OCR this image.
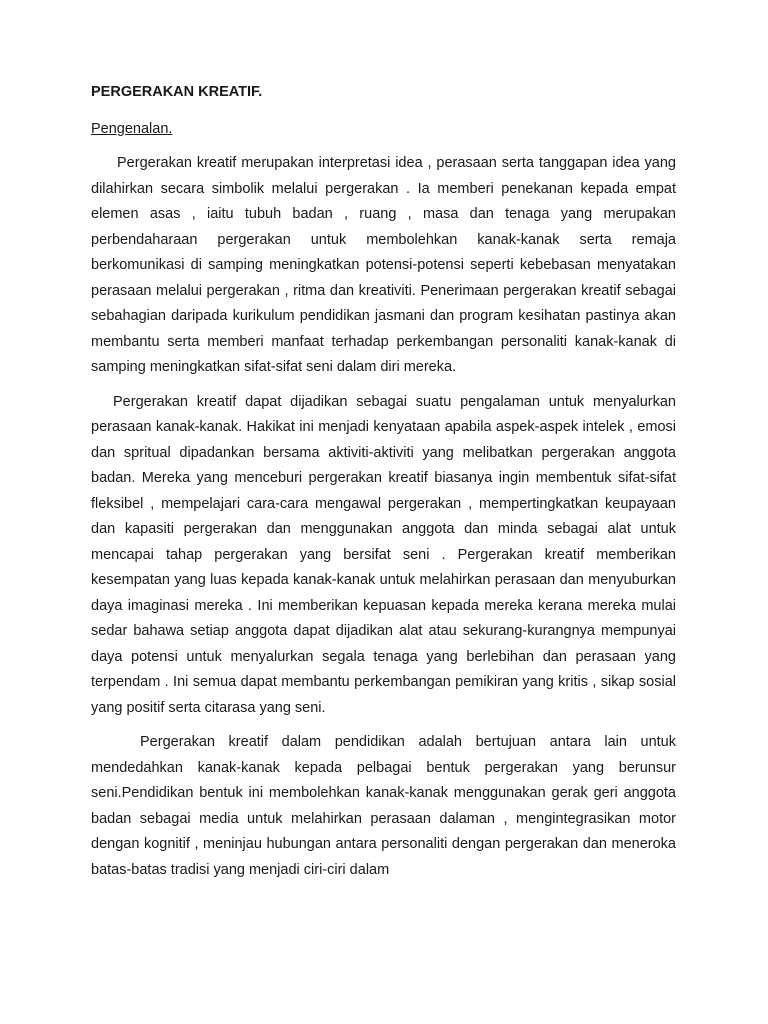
PERGERAKAN KREATIF.
Pengenalan.

Pergerakan kreatif merupakan interpretasi idea , perasaan serta tanggapan idea yang dilahirkan secara simbolik melalui pergerakan . Ia memberi penekanan kepada empat elemen asas , iaitu tubuh badan , ruang , masa dan tenaga yang merupakan perbendaharaan pergerakan untuk membolehkan kanak-kanak serta remaja berkomunikasi di samping meningkatkan potensi-potensi seperti kebebasan menyatakan perasaan melalui pergerakan , ritma dan kreativiti. Penerimaan pergerakan kreatif sebagai sebahagian daripada kurikulum pendidikan jasmani dan program kesihatan pastinya akan membantu serta memberi manfaat terhadap perkembangan personaliti kanak-kanak di samping meningkatkan sifat-sifat seni dalam diri mereka.

Pergerakan kreatif dapat dijadikan sebagai suatu pengalaman untuk menyalurkan perasaan kanak-kanak. Hakikat ini menjadi kenyataan apabila aspek-aspek intelek , emosi dan spritual dipadankan bersama aktiviti-aktiviti yang melibatkan pergerakan anggota badan. Mereka yang menceburi pergerakan kreatif biasanya ingin membentuk sifat-sifat fleksibel , mempelajari cara-cara mengawal pergerakan , mempertingkatkan keupayaan dan kapasiti pergerakan dan menggunakan anggota dan minda sebagai alat untuk mencapai tahap pergerakan yang bersifat seni . Pergerakan kreatif memberikan kesempatan yang luas kepada kanak-kanak untuk melahirkan perasaan dan menyuburkan daya imaginasi mereka . Ini memberikan kepuasan kepada mereka kerana mereka mulai sedar bahawa setiap anggota dapat dijadikan alat atau sekurang-kurangnya mempunyai daya potensi untuk menyalurkan segala tenaga yang berlebihan dan perasaan yang terpendam . Ini semua dapat membantu perkembangan pemikiran yang kritis , sikap sosial yang positif serta citarasa yang seni.

Pergerakan kreatif dalam pendidikan adalah bertujuan antara lain untuk mendedahkan kanak-kanak kepada pelbagai bentuk pergerakan yang berunsur seni.Pendidikan bentuk ini membolehkan kanak-kanak menggunakan gerak geri anggota badan sebagai media untuk melahirkan perasaan dalaman , mengintegrasikan motor dengan kognitif , meninjau hubungan antara personaliti dengan pergerakan dan meneroka batas-batas tradisi yang menjadi ciri-ciri dalam
